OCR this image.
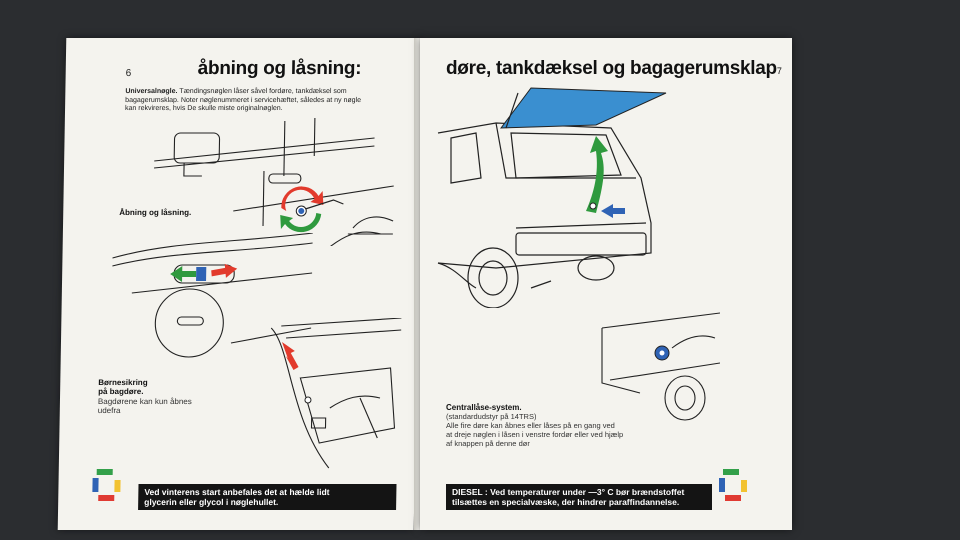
6	åbning og låsning:
Universalnøgle. Tændingsnøglen låser såvel fordøre, tankdæksel som bagagerumsklap. Noter nøglenummeret i servicehæftet, således at ny nøgle kan rekvireres, hvis De skulle miste originalnøglen.
Åbning og låsning.
Børnesikring
på bagdøre.
Bagdørene kan kun åbnes
udefra
Ved vinterens start anbefales det at hælde lidt
glycerin eller glycol i nøglehullet.
døre, tankdæksel og bagagerumsklap7
Centrallåse-system.
(standardudstyr på 14TRS)
Alle fire døre kan åbnes eller låses på en gang ved
at dreje nøglen i låsen i venstre fordør eller ved hjælp
af knappen på denne dør
DIESEL : Ved temperaturer under —3° C bør brændstoffet
tilsættes en specialvæske, der hindrer paraffindannelse.
